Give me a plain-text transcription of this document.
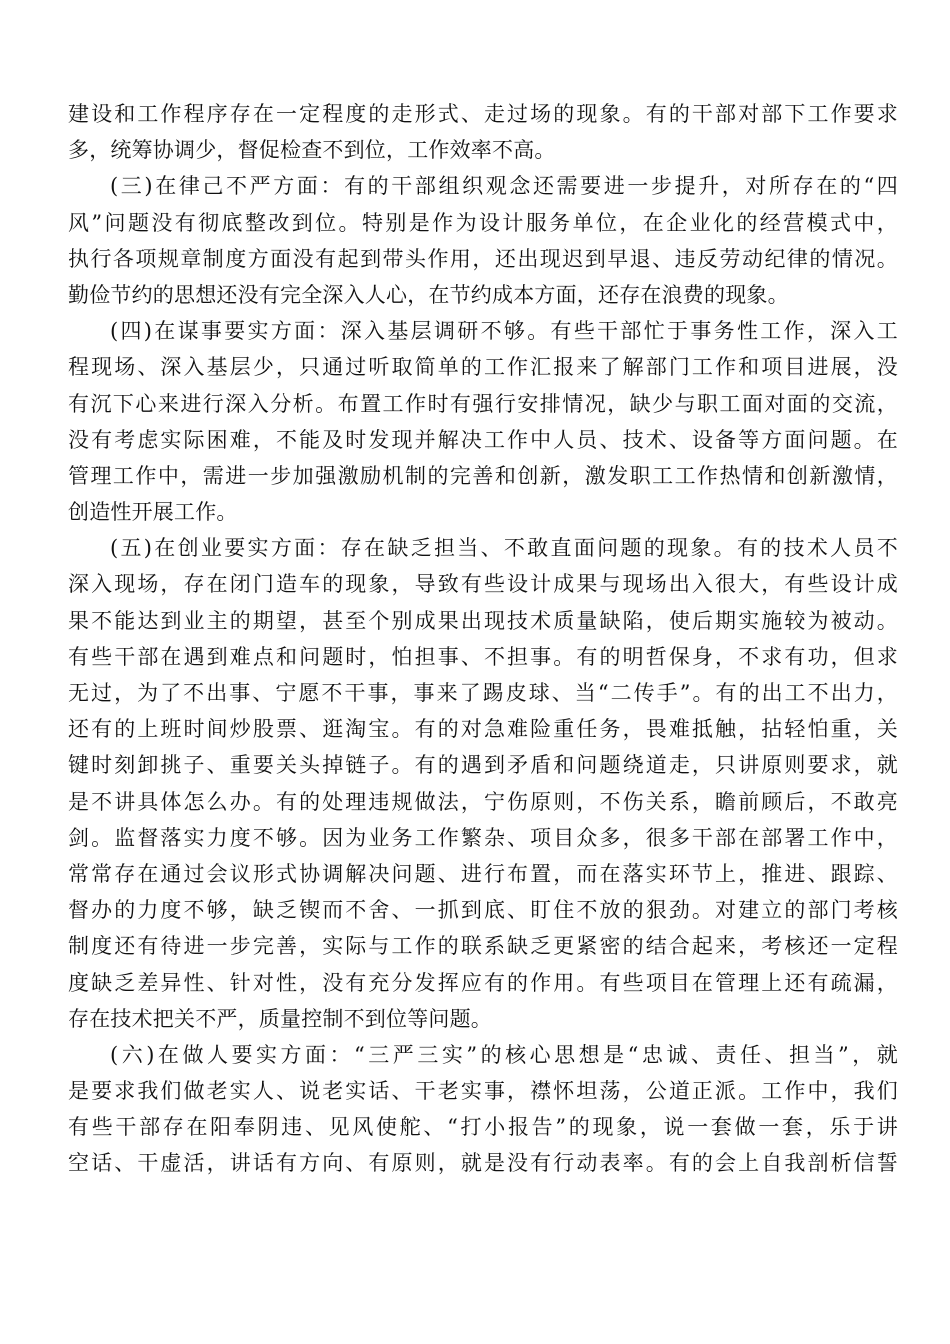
建设和工作程序存在一定程度的走形式、走过场的现象。有的干部对部下工作要求
多，统筹协调少，督促检查不到位，工作效率不高。
(三)在律己不严方面：有的干部组织观念还需要进一步提升，对所存在的“四
风”问题没有彻底整改到位。特别是作为设计服务单位，在企业化的经营模式中，
执行各项规章制度方面没有起到带头作用，还出现迟到早退、违反劳动纪律的情况。
勤俭节约的思想还没有完全深入人心，在节约成本方面，还存在浪费的现象。
(四)在谋事要实方面：深入基层调研不够。有些干部忙于事务性工作，深入工
程现场、深入基层少，只通过听取简单的工作汇报来了解部门工作和项目进展，没
有沉下心来进行深入分析。布置工作时有强行安排情况，缺少与职工面对面的交流，
没有考虑实际困难，不能及时发现并解决工作中人员、技术、设备等方面问题。在
管理工作中，需进一步加强激励机制的完善和创新，激发职工工作热情和创新激情，
创造性开展工作。
(五)在创业要实方面：存在缺乏担当、不敢直面问题的现象。有的技术人员不
深入现场，存在闭门造车的现象，导致有些设计成果与现场出入很大，有些设计成
果不能达到业主的期望，甚至个别成果出现技术质量缺陷，使后期实施较为被动。
有些干部在遇到难点和问题时，怕担事、不担事。有的明哲保身，不求有功，但求
无过，为了不出事、宁愿不干事，事来了踢皮球、当“二传手”。有的出工不出力，
还有的上班时间炒股票、逛淘宝。有的对急难险重任务，畏难抵触，拈轻怕重，关
键时刻卸挑子、重要关头掉链子。有的遇到矛盾和问题绕道走，只讲原则要求，就
是不讲具体怎么办。有的处理违规做法，宁伤原则，不伤关系，瞻前顾后，不敢亮
剑。监督落实力度不够。因为业务工作繁杂、项目众多，很多干部在部署工作中，
常常存在通过会议形式协调解决问题、进行布置，而在落实环节上，推进、跟踪、
督办的力度不够，缺乏锲而不舍、一抓到底、盯住不放的狠劲。对建立的部门考核
制度还有待进一步完善，实际与工作的联系缺乏更紧密的结合起来，考核还一定程
度缺乏差异性、针对性，没有充分发挥应有的作用。有些项目在管理上还有疏漏，
存在技术把关不严，质量控制不到位等问题。
(六)在做人要实方面：“三严三实”的核心思想是“忠诚、责任、担当”，就
是要求我们做老实人、说老实话、干老实事，襟怀坦荡，公道正派。工作中，我们
有些干部存在阳奉阴违、见风使舵、“打小报告”的现象，说一套做一套，乐于讲
空话、干虚活，讲话有方向、有原则，就是没有行动表率。有的会上自我剖析信誓
